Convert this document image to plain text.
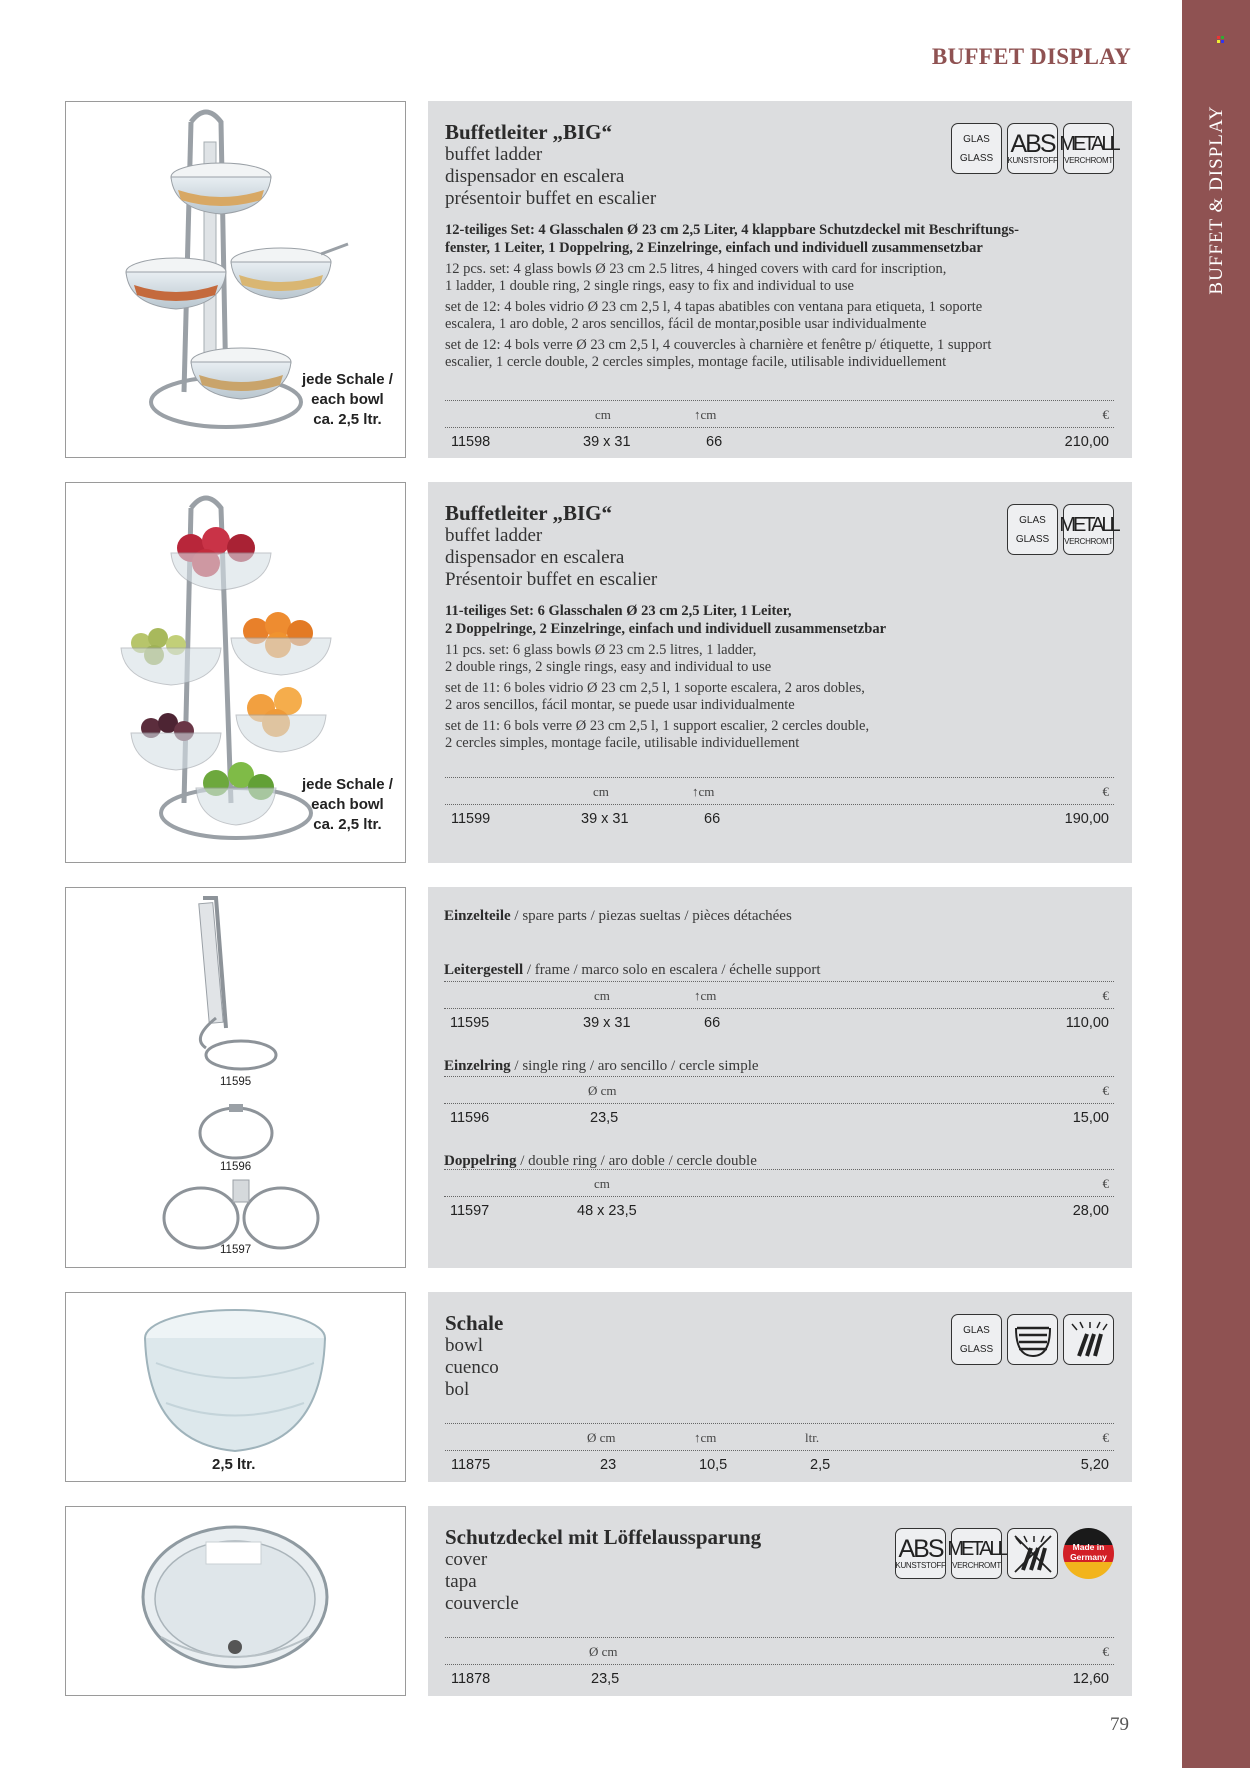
BUFFET & DISPLAY
BUFFET DISPLAY
jede Schale /
each bowl
ca. 2,5 ltr.
Buffetleiter „BIG“
buffet ladder
dispensador en escalera
présentoir buffet en escalier
GLAS
GLASS
ABS
KUNSTSTOFF
METALL
VERCHROMT
12-teiliges Set: 4 Glasschalen Ø 23 cm 2,5 Liter, 4 klappbare Schutzdeckel mit Beschriftungs-
fenster, 1 Leiter, 1 Doppelring, 2 Einzelringe, einfach und individuell zusammensetzbar
12 pcs. set: 4 glass bowls Ø 23 cm 2.5 litres, 4 hinged covers with card for inscription,
1 ladder, 1 double ring, 2 single rings, easy to fix and individual to use
set de 12: 4 boles vidrio Ø 23 cm 2,5 l, 4 tapas abatibles con ventana para etiqueta, 1 soporte
escalera, 1 aro doble, 2 aros sencillos, fácil de montar,posible usar individualmente
set de 12: 4 bols verre Ø 23 cm 2,5 l, 4 couvercles à charnière et fenêtre p/ étiquette, 1 support
escalier, 1 cercle double, 2 cercles simples, montage facile, utilisable individuellement
cm	↑cm	€
11598	39 x 31	66	210,00
jede Schale /
each bowl
ca. 2,5 ltr.
Buffetleiter „BIG“
buffet ladder
dispensador en escalera
Présentoir buffet en escalier
GLAS
GLASS
METALL
VERCHROMT
11-teiliges Set: 6 Glasschalen Ø 23 cm 2,5 Liter, 1 Leiter,
2 Doppelringe, 2 Einzelringe, einfach und individuell zusammensetzbar
11 pcs. set: 6 glass bowls Ø 23 cm 2.5 litres, 1 ladder,
2 double rings, 2 single rings, easy and individual to use
set de 11: 6 boles vidrio Ø 23 cm 2,5 l, 1 soporte escalera, 2 aros dobles,
2 aros sencillos, fácil montar, se puede usar individualmente
set de 11: 6 bols verre Ø 23 cm 2,5 l, 1 support escalier, 2 cercles double,
2 cercles simples, montage facile, utilisable individuellement
cm	↑cm	€
11599	39 x 31	66	190,00
11595
11596
11597
Einzelteile / spare parts / piezas sueltas / pièces détachées
Leitergestell / frame / marco solo en escalera / échelle support
cm	↑cm	€
11595	39 x 31	66	110,00
Einzelring / single ring / aro sencillo / cercle simple
Ø cm	€
11596	23,5	15,00
Doppelring / double ring / aro doble / cercle double
cm	€
11597	48 x 23,5	28,00
2,5 ltr.
Schale
bowl
cuenco
bol
GLAS
GLASS
Ø cm	↑cm	ltr.	€
11875	23	10,5	2,5	5,20
Schutzdeckel mit Löffelaussparung
cover
tapa
couvercle
ABS
KUNSTSTOFF
METALL
VERCHROMT
Made in
Germany
Ø cm	€
11878	23,5	12,60
79
